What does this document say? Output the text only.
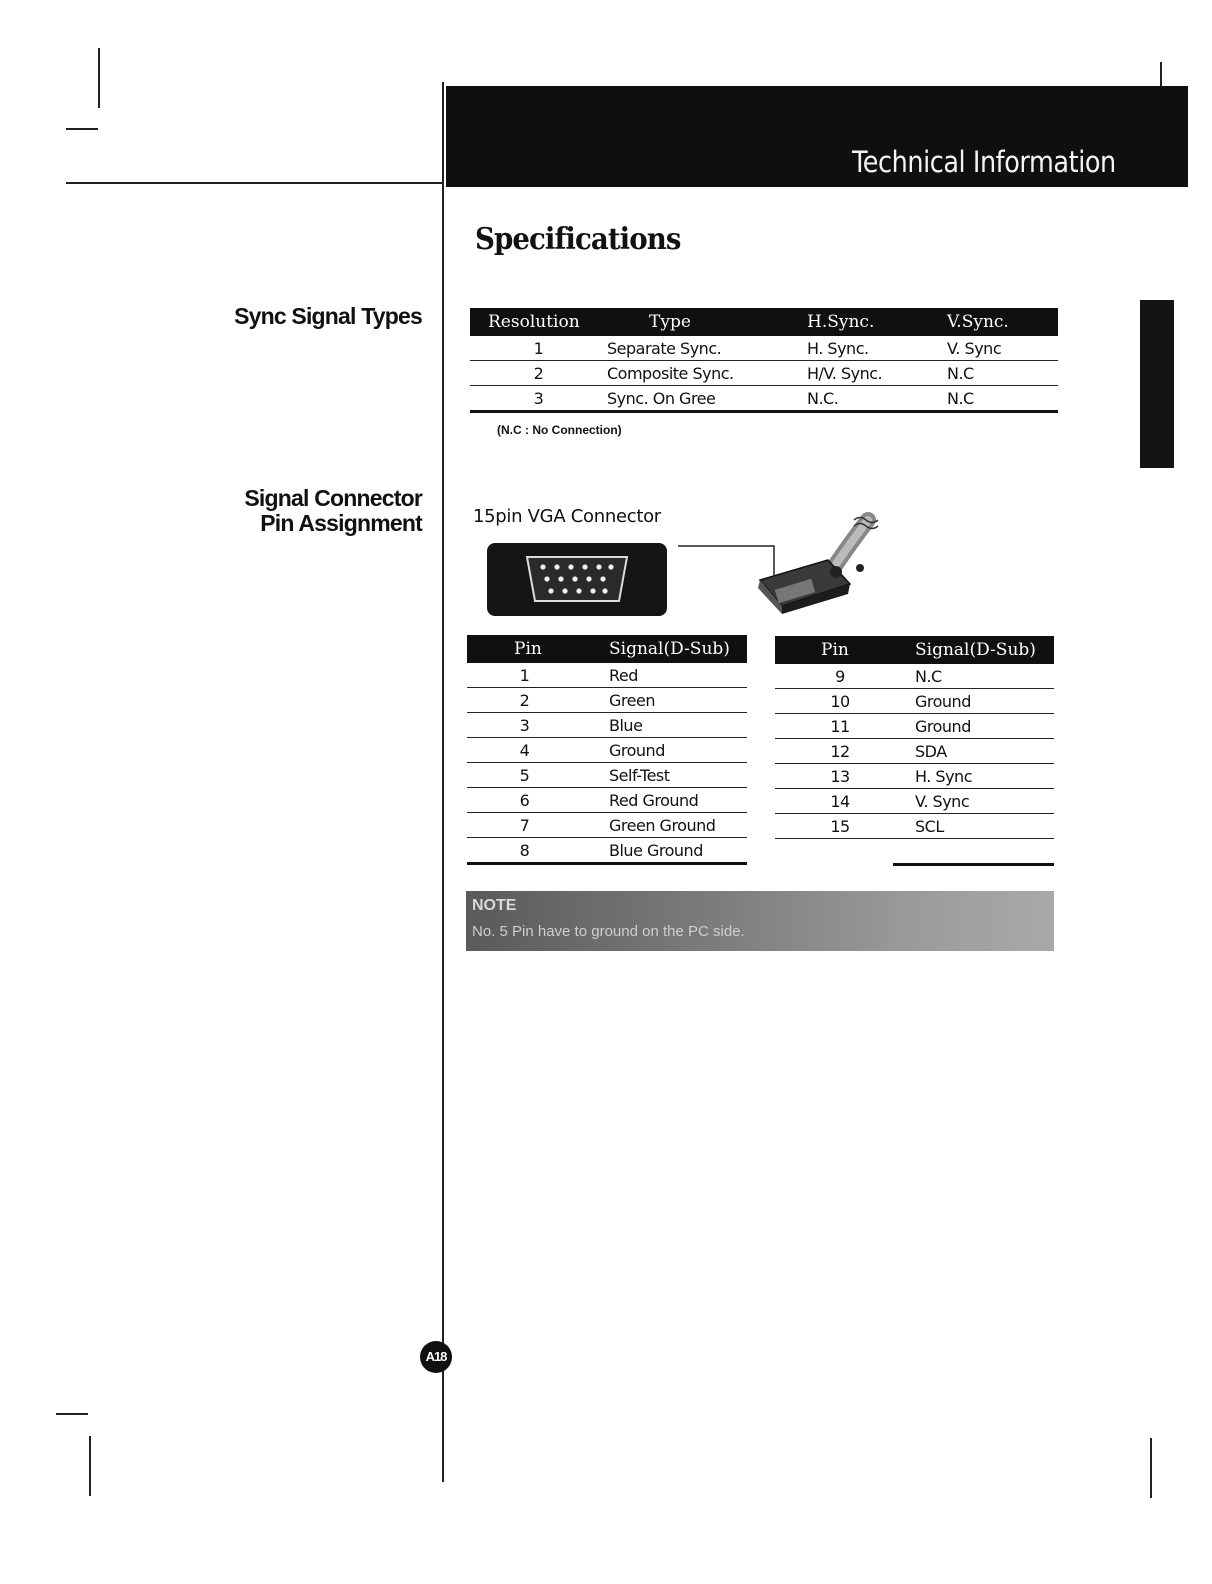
Technical Information
Specifications
Sync Signal Types
Signal Connector
Pin Assignment
Resolution	Type	H.Sync.	V.Sync.
1	Separate Sync.	H. Sync.	V. Sync
2	Composite Sync.	H/V. Sync.	N.C
3	Sync. On Gree	N.C.	N.C
(N.C : No Connection)
15pin VGA Connector
Pin	Signal(D-Sub)
1	Red
2	Green
3	Blue
4	Ground
5	Self-Test
6	Red Ground
7	Green Ground
8	Blue Ground
Pin	Signal(D-Sub)
9	N.C
10	Ground
11	Ground
12	SDA
13	H. Sync
14	V. Sync
15	SCL

NOTE
No. 5 Pin have to ground on the PC side.
A18
